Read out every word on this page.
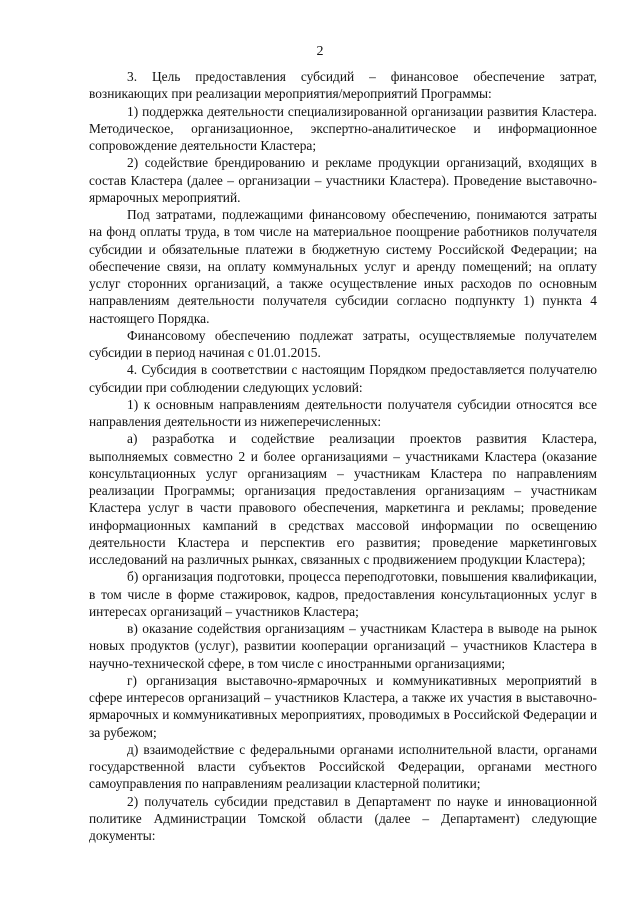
2

3. Цель предоставления субсидий – финансовое обеспечение затрат, возникающих при реализации мероприятия/мероприятий Программы:

1) поддержка деятельности специализированной организации развития Кластера. Методическое, организационное, экспертно-аналитическое и информационное сопровождение деятельности Кластера;

2) содействие брендированию и рекламе продукции организаций, входящих в состав Кластера (далее – организации – участники Кластера). Проведение выставочно-ярмарочных мероприятий.

Под затратами, подлежащими финансовому обеспечению, понимаются затраты на фонд оплаты труда, в том числе на материальное поощрение работников получателя субсидии и обязательные платежи в бюджетную систему Российской Федерации; на обеспечение связи, на оплату коммунальных услуг и аренду помещений; на оплату услуг сторонних организаций, а также осуществление иных расходов по основным направлениям деятельности получателя субсидии согласно подпункту 1) пункта 4 настоящего Порядка.

Финансовому обеспечению подлежат затраты, осуществляемые получателем субсидии в период начиная с 01.01.2015.

4. Субсидия в соответствии с настоящим Порядком предоставляется получателю субсидии при соблюдении следующих условий:

1) к основным направлениям деятельности получателя субсидии относятся все направления деятельности из нижеперечисленных:

а) разработка и содействие реализации проектов развития Кластера, выполняемых совместно 2 и более организациями – участниками Кластера (оказание консультационных услуг организациям – участникам Кластера по направлениям реализации Программы; организация предоставления организациям – участникам Кластера услуг в части правового обеспечения, маркетинга и рекламы; проведение информационных кампаний в средствах массовой информации по освещению деятельности Кластера и перспектив его развития; проведение маркетинговых исследований на различных рынках, связанных с продвижением продукции Кластера);

б) организация подготовки, процесса переподготовки, повышения квалификации, в том числе в форме стажировок, кадров, предоставления консультационных услуг в интересах организаций – участников Кластера;

в) оказание содействия организациям – участникам Кластера в выводе на рынок новых продуктов (услуг), развитии кооперации организаций – участников Кластера в научно-технической сфере, в том числе с иностранными организациями;

г) организация выставочно-ярмарочных и коммуникативных мероприятий в сфере интересов организаций – участников Кластера, а также их участия в выставочно-ярмарочных и коммуникативных мероприятиях, проводимых в Российской Федерации и за рубежом;

д) взаимодействие с федеральными органами исполнительной власти, органами государственной власти субъектов Российской Федерации, органами местного самоуправления по направлениям реализации кластерной политики;

2) получатель субсидии представил в Департамент по науке и инновационной политике Администрации Томской области (далее – Департамент) следующие документы:
